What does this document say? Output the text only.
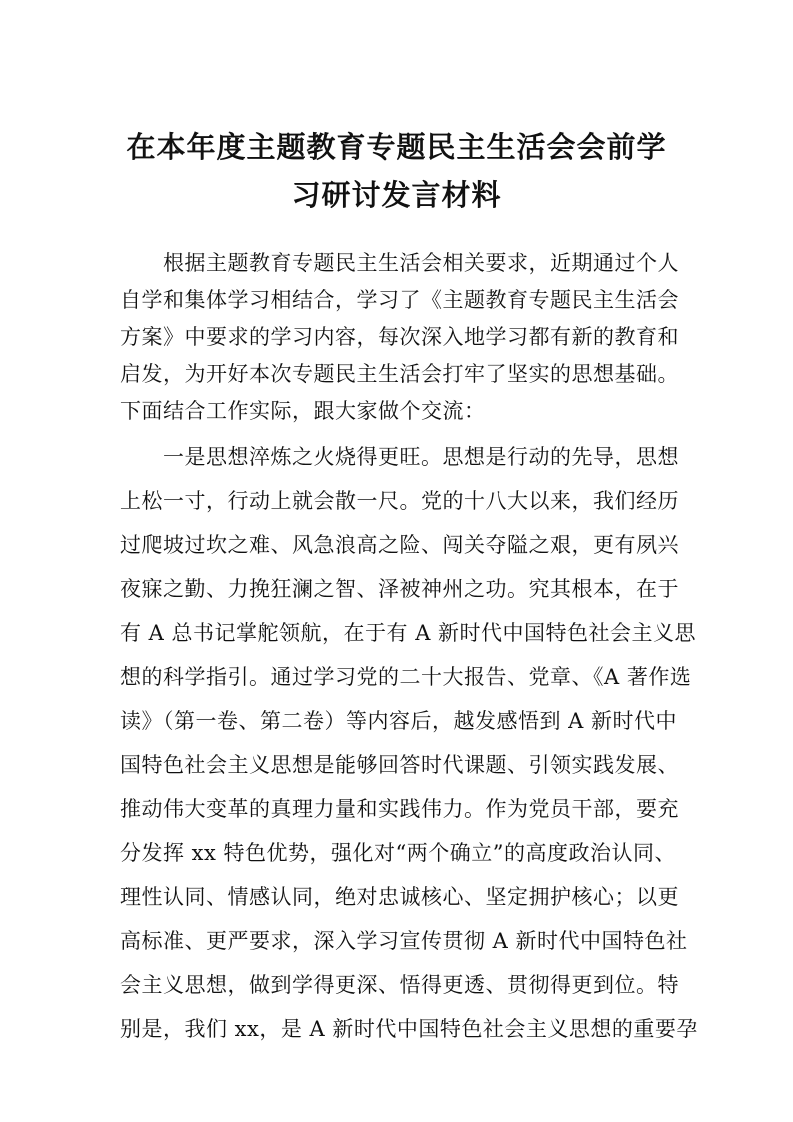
在本年度主题教育专题民主生活会会前学
习研讨发言材料
根据主题教育专题民主生活会相关要求，近期通过个人
自学和集体学习相结合，学习了《主题教育专题民主生活会
方案》中要求的学习内容，每次深入地学习都有新的教育和
启发，为开好本次专题民主生活会打牢了坚实的思想基础。
下面结合工作实际，跟大家做个交流：
一是思想淬炼之火烧得更旺。思想是行动的先导，思想
上松一寸，行动上就会散一尺。党的十八大以来，我们经历
过爬坡过坎之难、风急浪高之险、闯关夺隘之艰，更有夙兴
夜寐之勤、力挽狂澜之智、泽被神州之功。究其根本，在于
有 A 总书记掌舵领航，在于有 A 新时代中国特色社会主义思
想的科学指引。通过学习党的二十大报告、党章、《A 著作选
读》（第一卷、第二卷）等内容后，越发感悟到 A 新时代中
国特色社会主义思想是能够回答时代课题、引领实践发展、
推动伟大变革的真理力量和实践伟力。作为党员干部，要充
分发挥 xx 特色优势，强化对“两个确立”的高度政治认同、
理性认同、情感认同，绝对忠诚核心、坚定拥护核心；以更
高标准、更严要求，深入学习宣传贯彻 A 新时代中国特色社
会主义思想，做到学得更深、悟得更透、贯彻得更到位。特
别是，我们 xx，是 A 新时代中国特色社会主义思想的重要孕
